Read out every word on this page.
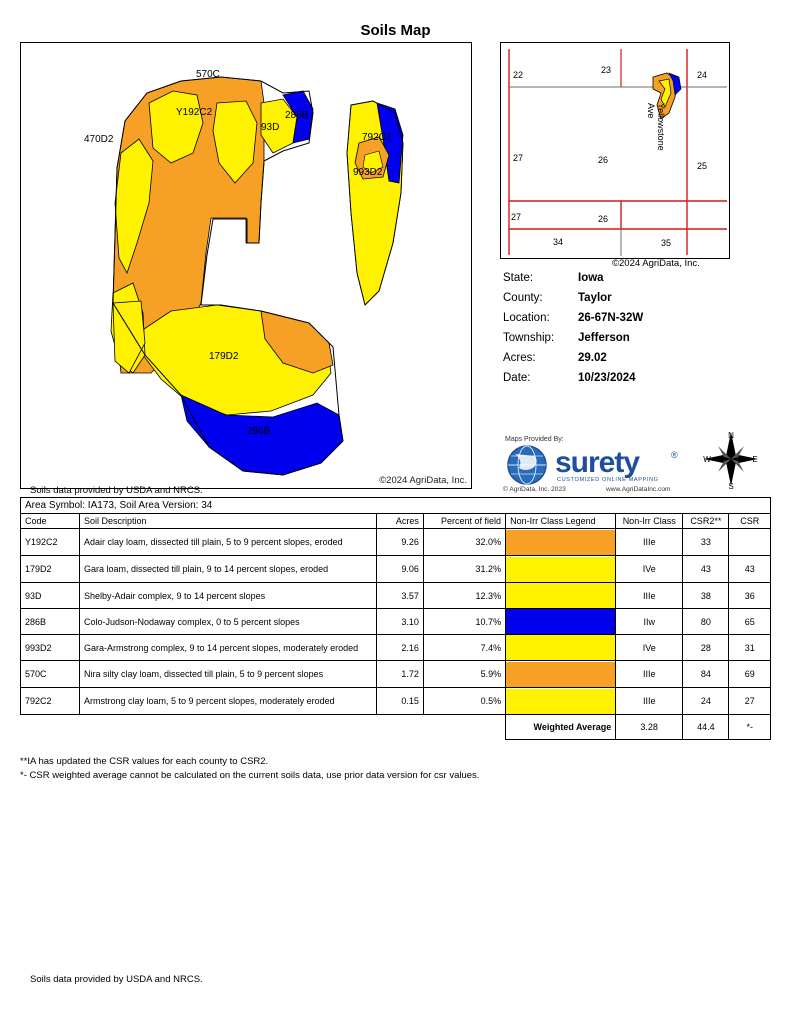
Soils Map
570C
Y192C2
470D2
93D
286B
792C2
993D2
179D2
286B
©2024 AgriData, Inc.
Soils data provided by USDA and NRCS.
22	23	24
27	26
25
27	26
34	35
Yellowstone Ave
©2024 AgriData, Inc.
State:	Iowa
County:	Taylor
Location:	26-67N-32W
Township:	Jefferson
Acres:	29.02
Date:	10/23/2024
Maps Provided By:
surety	®
CUSTOMIZED ONLINE MAPPING
© AgriData, Inc. 2023	www.AgriDataInc.com
N
S
E
W
Area Symbol: IA173, Soil Area Version: 34							
Code	Soil Description	Acres	Percent of field	Non-Irr Class Legend	Non-Irr Class	CSR2**	CSR
Y192C2	Adair clay loam, dissected till plain, 5 to 9 percent slopes, eroded	9.26	32.0%		IIIe	33	
179D2	Gara loam, dissected till plain, 9 to 14 percent slopes, eroded	9.06	31.2%		IVe	43	43
93D	Shelby-Adair complex, 9 to 14 percent slopes	3.57	12.3%		IIIe	38	36
286B	Colo-Judson-Nodaway complex, 0 to 5 percent slopes	3.10	10.7%		IIw	80	65
993D2	Gara-Armstrong complex, 9 to 14 percent slopes, moderately eroded	2.16	7.4%		IVe	28	31
570C	Nira silty clay loam, dissected till plain, 5 to 9 percent slopes	1.72	5.9%		IIIe	84	69
792C2	Armstrong clay loam, 5 to 9 percent slopes, moderately eroded	0.15	0.5%		IIIe	24	27
				Weighted Average	3.28	44.4	*-
**IA has updated the CSR values for each county to CSR2.
*- CSR weighted average cannot be calculated on the current soils data, use prior data version for csr values.
Soils data provided by USDA and NRCS.
